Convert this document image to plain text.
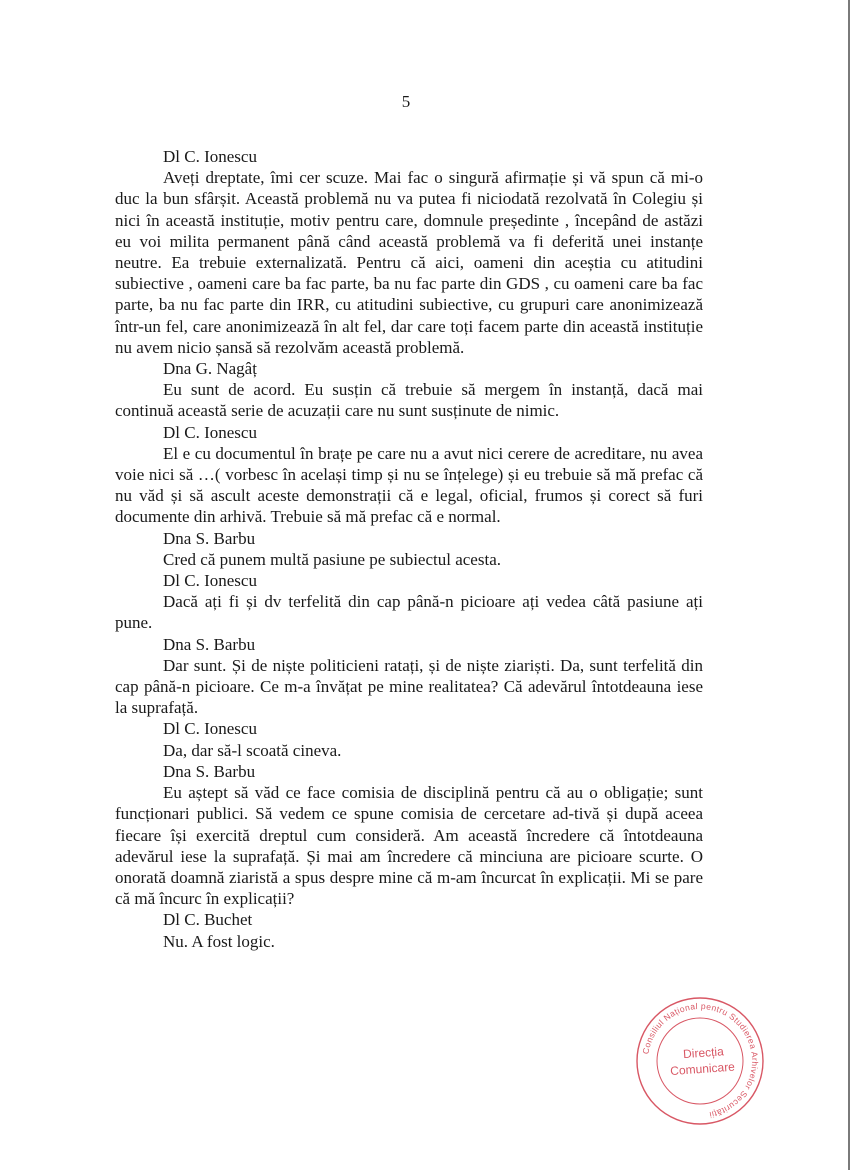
5

Dl C. Ionescu

Aveți dreptate, îmi cer scuze. Mai fac o singură afirmație și vă spun că mi-o duc la bun sfârșit. Această problemă nu va putea fi niciodată rezolvată în Colegiu și nici în această instituție, motiv pentru care, domnule președinte , începând de astăzi eu voi milita permanent până când această problemă va fi deferită unei instanțe neutre. Ea trebuie externalizată. Pentru că aici, oameni din aceștia cu atitudini subiective , oameni care ba fac parte, ba nu fac parte din GDS , cu oameni care ba fac parte, ba nu fac parte din IRR, cu atitudini subiective, cu grupuri care anonimizează într-un fel, care anonimizează în alt fel, dar care toți facem parte din această instituție nu avem nicio șansă să rezolvăm această problemă.

Dna G. Nagâț

Eu sunt de acord. Eu susțin că trebuie să mergem în instanță, dacă mai continuă această serie de acuzații care nu sunt susținute de nimic.

Dl C. Ionescu

El e cu documentul în brațe pe care nu a avut nici cerere de acreditare, nu avea voie nici să …( vorbesc în același timp și nu se înțelege) și eu trebuie să mă prefac că nu văd și să ascult aceste demonstrații că e legal, oficial, frumos și corect să furi documente din arhivă. Trebuie să mă prefac că e normal.

Dna S. Barbu

Cred că punem multă pasiune pe subiectul acesta.

Dl C. Ionescu

Dacă ați fi și dv terfelită din cap până-n picioare ați vedea câtă pasiune ați pune.

Dna S. Barbu

Dar sunt. Și de niște politicieni ratați, și de niște ziariști. Da, sunt terfelită din cap până-n picioare. Ce m-a învățat pe mine realitatea? Că adevărul întotdeauna iese la suprafață.

Dl C. Ionescu

Da, dar să-l scoată cineva.

Dna S. Barbu

Eu aștept să văd ce face comisia de disciplină pentru că au o obligație; sunt funcționari publici. Să vedem ce spune comisia de cercetare ad-tivă și după aceea fiecare își exercită dreptul cum consideră. Am această încredere că întotdeauna adevărul iese la suprafață. Și mai am încredere că minciuna are picioare scurte. O onorată doamnă ziaristă a spus despre mine că m-am încurcat în explicații. Mi se pare că mă încurc în explicații?

Dl C. Buchet

Nu. A fost logic.

Consiliul Național pentru Studierea Arhivelor Securității
Direcția
Comunicare
